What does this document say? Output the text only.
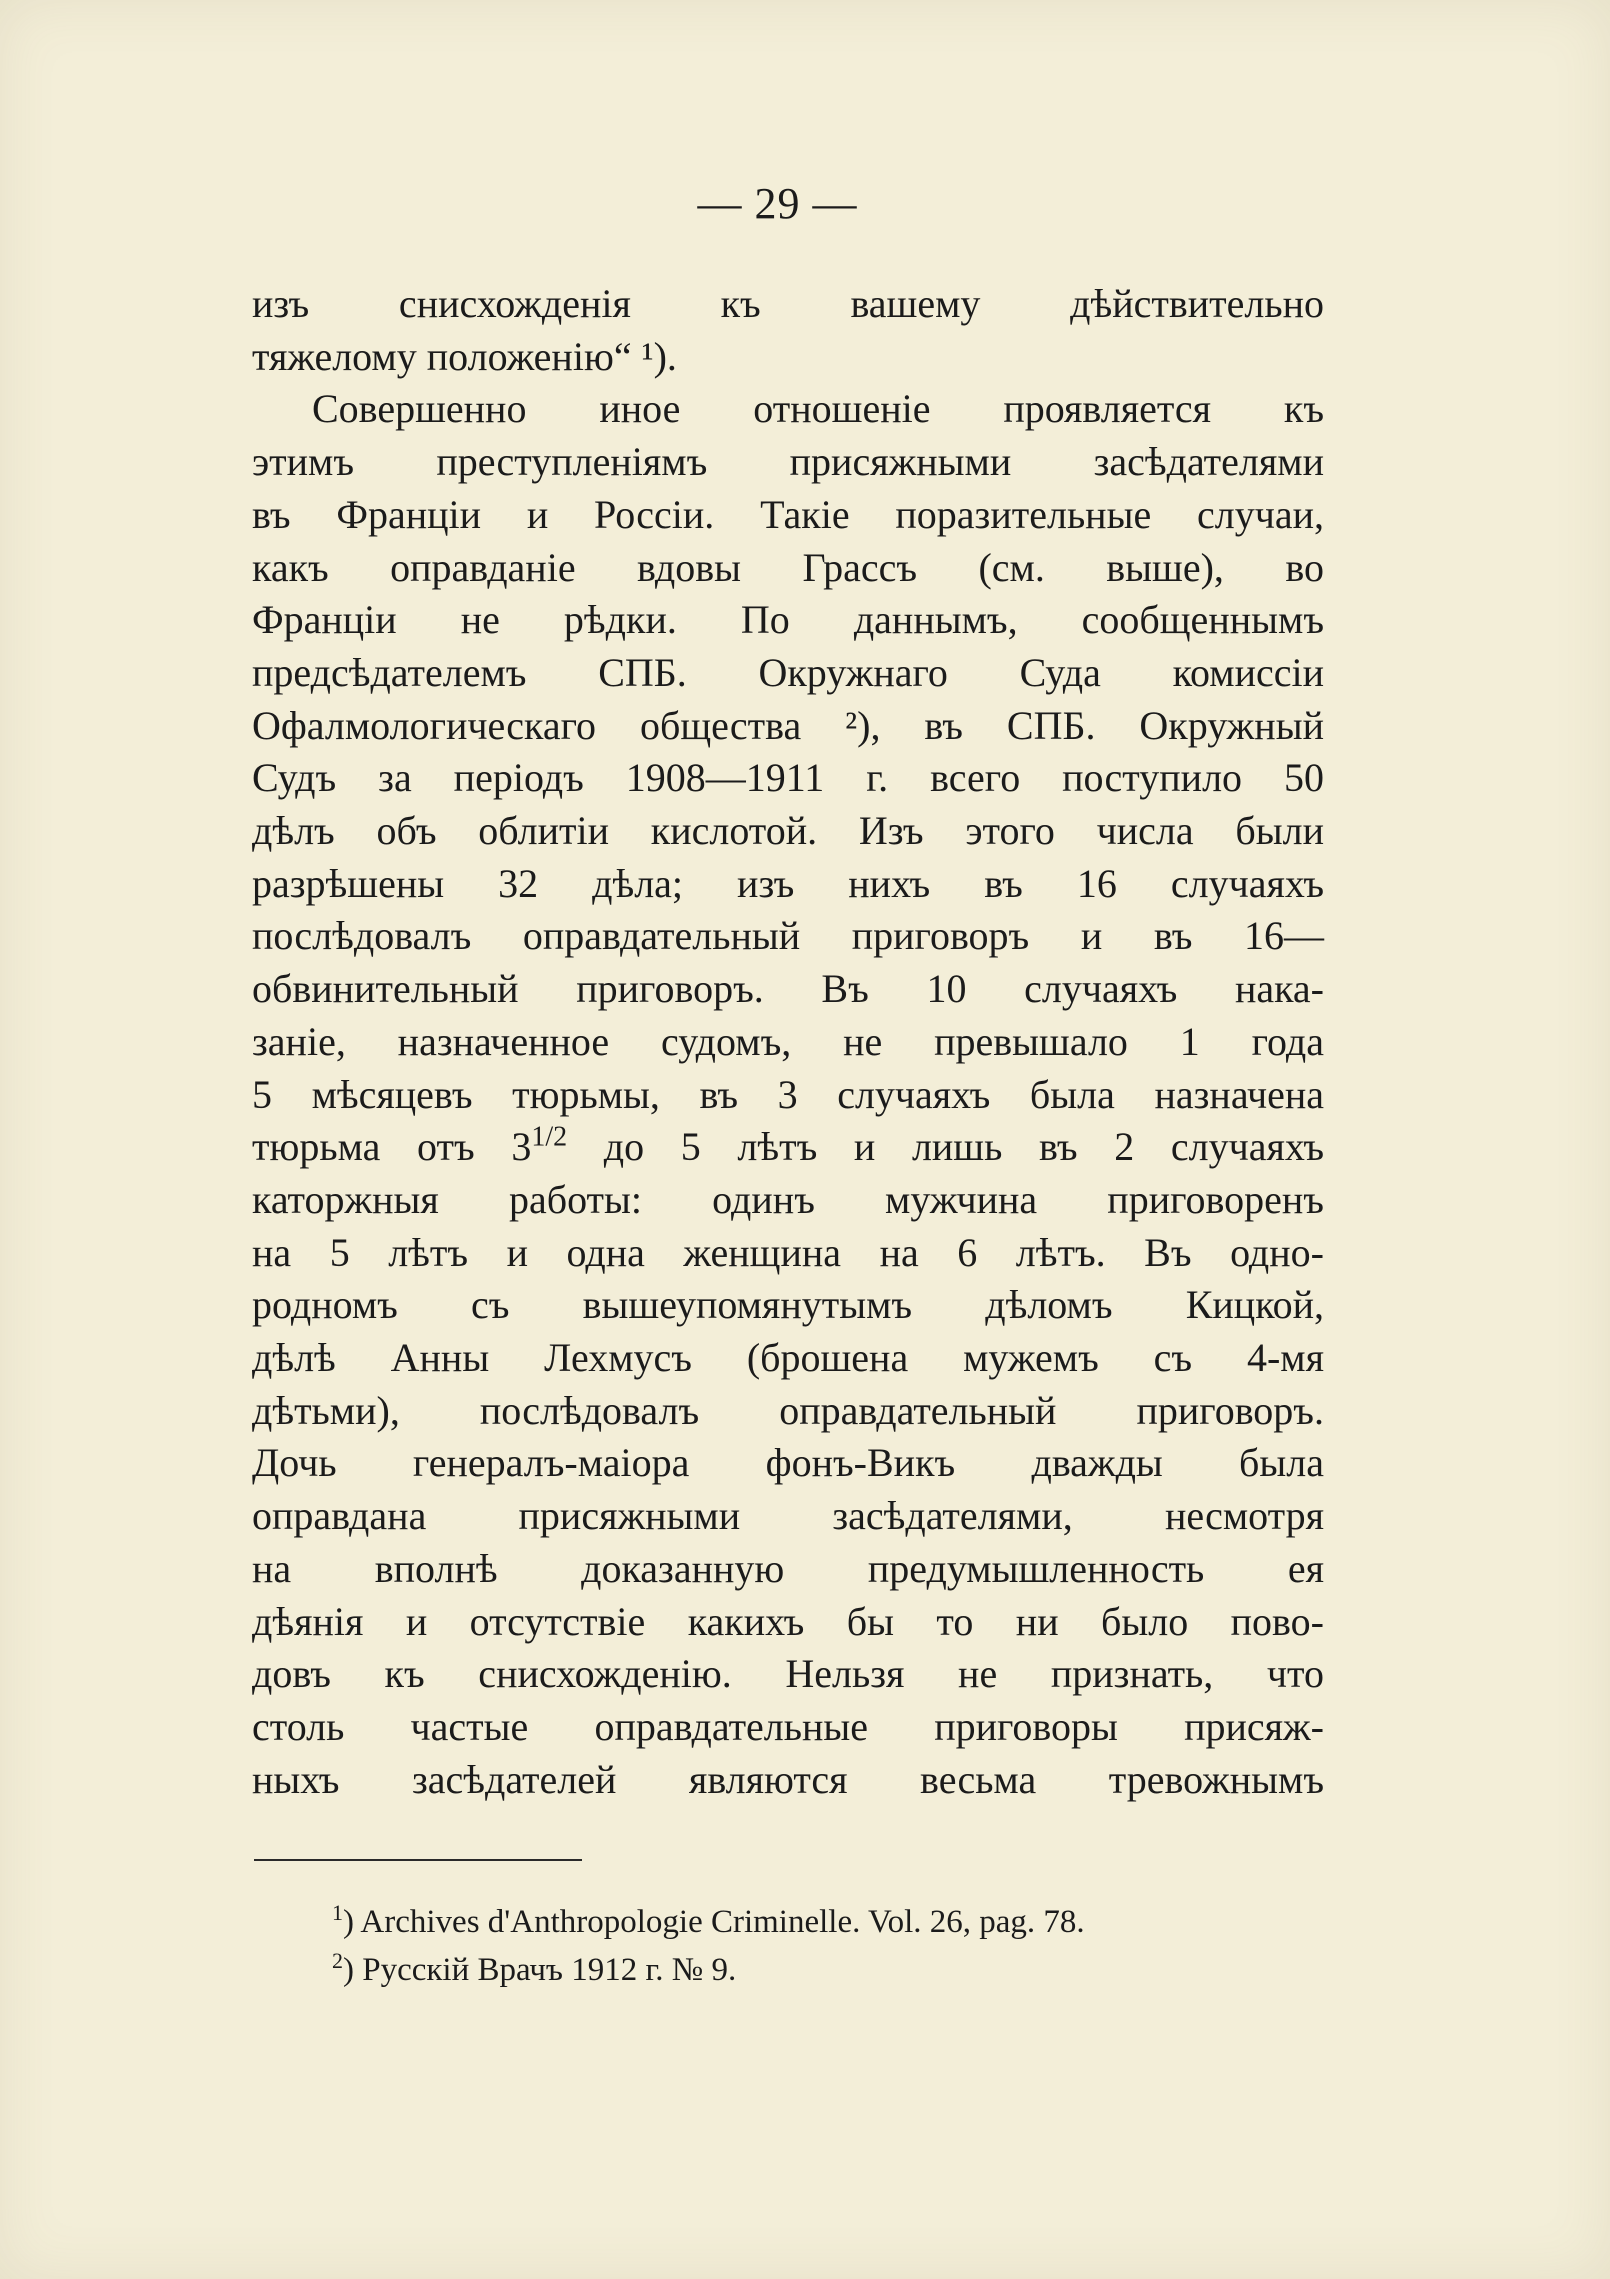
— 29 —
изъ снисхожденія къ вашему дѣйствительно
тяжелому положенію“ ¹).
Совершенно иное отношеніе проявляется къ
этимъ преступленіямъ присяжными засѣдателями
въ Франціи и Россіи. Такіе поразительные случаи,
какъ оправданіе вдовы Грассъ (см. выше), во
Франціи не рѣдки. По даннымъ, сообщеннымъ
предсѣдателемъ СПБ. Окружнаго Суда комиссіи
Офалмологическаго общества ²), въ СПБ. Окружный
Судъ за періодъ 1908—1911 г. всего поступило 50
дѣлъ объ облитіи кислотой. Изъ этого числа были
разрѣшены 32 дѣла; изъ нихъ въ 16 случаяхъ
послѣдовалъ оправдательный приговоръ и въ 16—
обвинительный приговоръ. Въ 10 случаяхъ нака-
заніе, назначенное судомъ, не превышало 1 года
5 мѣсяцевъ тюрьмы, въ 3 случаяхъ была назначена
тюрьма отъ $3^{1/2}$ до 5 лѣтъ и лишь въ 2 случаяхъ
каторжныя работы: одинъ мужчина приговоренъ
на 5 лѣтъ и одна женщина на 6 лѣтъ. Въ одно-
родномъ съ вышеупомянутымъ дѣломъ Кицкой,
дѣлѣ Анны Лехмусъ (брошена мужемъ съ 4-мя
дѣтьми), послѣдовалъ оправдательный приговоръ.
Дочь генералъ-маіора фонъ-Викъ дважды была
оправдана присяжными засѣдателями, несмотря
на вполнѣ доказанную предумышленность ея
дѣянія и отсутствіе какихъ бы то ни было пово-
довъ къ снисхожденію. Нельзя не признать, что
столь частые оправдательные приговоры присяж-
ныхъ засѣдателей являются весьма тревожнымъ
$^1$) Archives d'Anthropologie Criminelle. Vol. 26, pag. 78.
$^2$) Русскій Врачъ 1912 г. № 9.
